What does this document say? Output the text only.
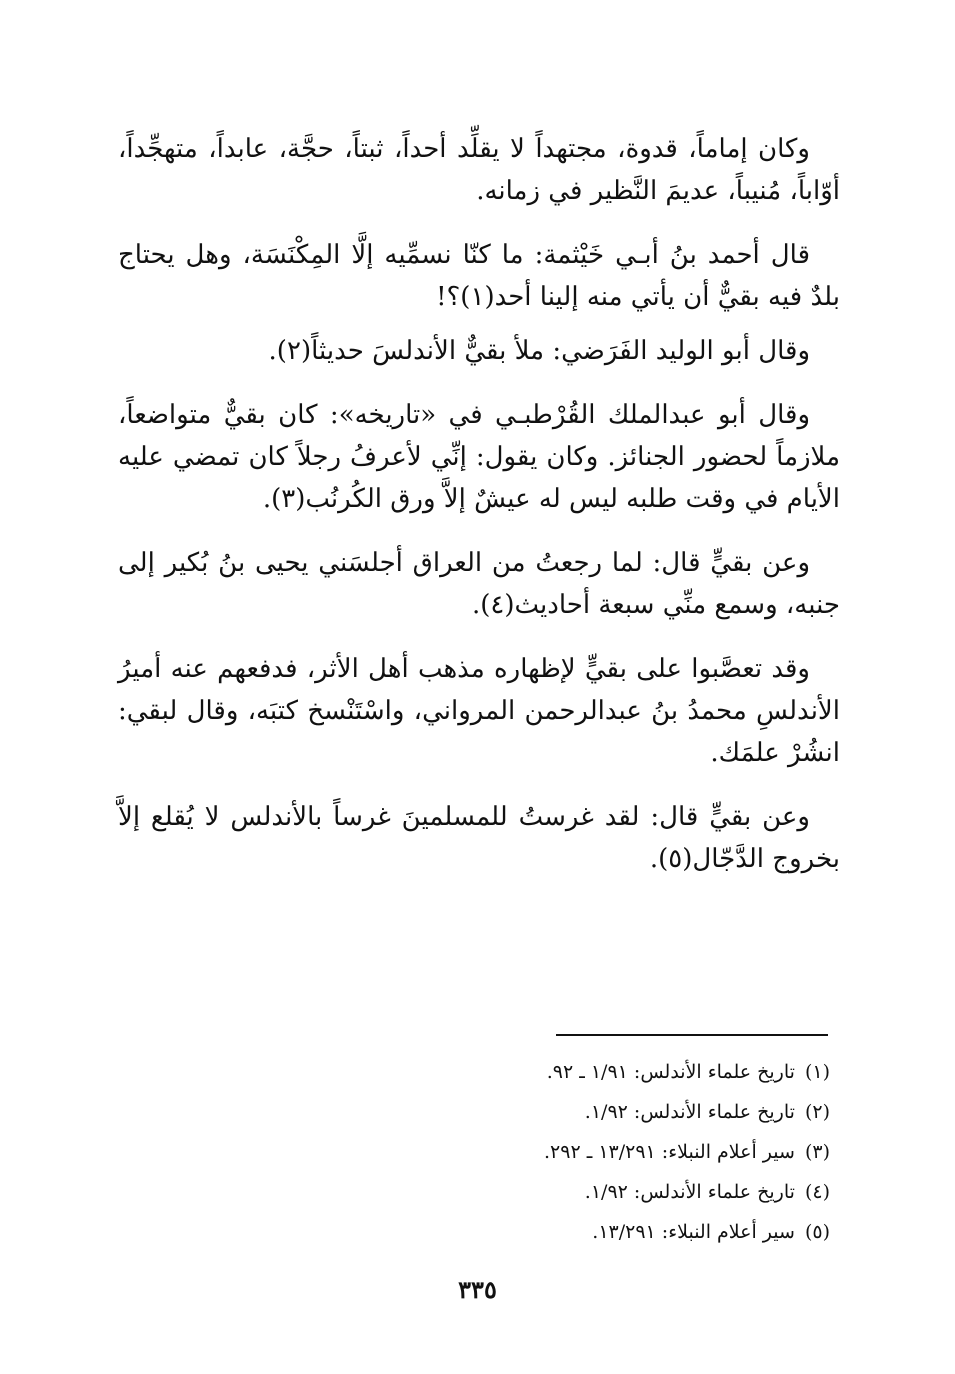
وكان إماماً، قدوة، مجتهداً لا يقلِّد أحداً، ثبتاً، حجَّة، عابداً، متهجِّداً، أوّاباً، مُنيباً، عديمَ النَّظير في زمانه.

قال أحمد بنُ أبـي خَيْثمة: ما كنّا نسمِّيه إلَّا المِكْنَسَة، وهل يحتاج بلدٌ فيه بقيٌّ أن يأتي منه إلينا أحد(١)؟!

وقال أبو الوليد الفَرَضي: ملأ بقيٌّ الأندلسَ حديثاً(٢).

وقال أبو عبدالملك القُرْطبـي في «تاريخه»: كان بقيٌّ متواضعاً، ملازماً لحضور الجنائز. وكان يقول: إنِّي لأعرفُ رجلاً كان تمضي عليه الأيام في وقت طلبه ليس له عيشٌ إلاَّ ورق الكُرنُب(٣).

وعن بقيٍّ قال: لما رجعتُ من العراق أجلسَني يحيى بنُ بُكير إلى جنبه، وسمع منِّي سبعة أحاديث(٤).

وقد تعصَّبوا على بقيٍّ لإظهاره مذهب أهل الأثر، فدفعهم عنه أميرُ الأندلسِ محمدُ بنُ عبدالرحمن المرواني، واسْتَنْسخ كتبَه، وقال لبقي: انشُرْ علمَك.

وعن بقيٍّ قال: لقد غرستُ للمسلمينَ غرساً بالأندلس لا يُقلع إلاَّ بخروج الدَّجّال(٥).

(١)تاريخ علماء الأندلس: ١/٩١ ـ ٩٢.
(٢)تاريخ علماء الأندلس: ١/٩٢.
(٣)سير أعلام النبلاء: ١٣/٢٩١ ـ ٢٩٢.
(٤)تاريخ علماء الأندلس: ١/٩٢.
(٥)سير أعلام النبلاء: ١٣/٢٩١.
٣٣٥
